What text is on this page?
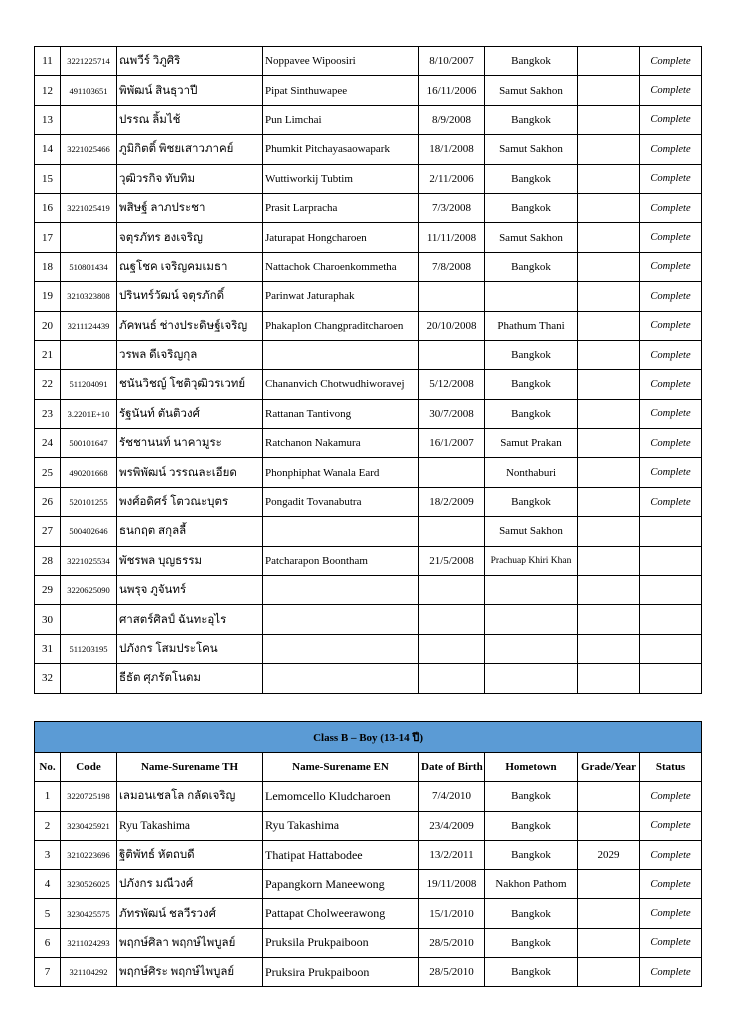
11	3221225714	ณพวีร์ วิภูศิริ	Noppavee Wipoosiri	8/10/2007	Bangkok		Complete
12	491103651	พิพัฒน์ สินธุวาปี	Pipat Sinthuwapee	16/11/2006	Samut Sakhon		Complete
13		ปรรณ ลิ้มไช้	Pun Limchai	8/9/2008	Bangkok		Complete
14	3221025466	ภูมิกิตติ์ พิชยเสาวภาคย์	Phumkit Pitchayasaowapark	18/1/2008	Samut Sakhon		Complete
15		วุฒิวรกิจ ทับทิม	Wuttiworkij Tubtim	2/11/2006	Bangkok		Complete
16	3221025419	พสิษฐ์ ลาภประชา	Prasit Larpracha	7/3/2008	Bangkok		Complete
17		จตุรภัทร ฮงเจริญ	Jaturapat Hongcharoen	11/11/2008	Samut Sakhon		Complete
18	510801434	ณฐโชค เจริญคมเมธา	Nattachok Charoenkommetha	7/8/2008	Bangkok		Complete
19	3210323808	ปรินทร์วัฒน์ จตุรภักดิ์	Parinwat Jaturaphak				Complete
20	3211124439	ภัคพนธ์ ช่างประดิษฐ์เจริญ	Phakaplon Changpraditcharoen	20/10/2008	Phathum Thani		Complete
21		วรพล ดีเจริญกุล			Bangkok		Complete
22	511204091	ชนันวิชญ์ โชติวุฒิวรเวทย์	Chananvich Chotwudhiworavej	5/12/2008	Bangkok		Complete
23	3.2201E+10	รัฐนันท์ ตันติวงศ์	Rattanan Tantivong	30/7/2008	Bangkok		Complete
24	500101647	รัชชานนท์ นาคามูระ	Ratchanon Nakamura	16/1/2007	Samut Prakan		Complete
25	490201668	พรพิพัฒน์ วรรณละเอียด	Phonphiphat Wanala Eard		Nonthaburi		Complete
26	520101255	พงศ์อดิศร์ โตวณะบุตร	Pongadit Tovanabutra	18/2/2009	Bangkok		Complete
27	500402646	ธนกฤต สกุลลี้			Samut Sakhon		
28	3221025534	พัชรพล บุญธรรม	Patcharapon Boontham	21/5/2008	Prachuap Khiri Khan		
29	3220625090	นพรุจ ภูจันทร์					
30		ศาสตร์ศิลป์ ฉันทะอุไร					
31	511203195	ปภังกร โสมประโคน					
32		ธีธัต ศุภรัตโนดม					
Class B – Boy (13-14 ปี)							
No.	Code	Name-Surename TH	Name-Surename EN	Date of Birth	Hometown	Grade/Year	Status
1	3220725198	เลมอนเชลโล กลัดเจริญ	Lemomcello Kludcharoen	7/4/2010	Bangkok		Complete
2	3230425921	Ryu Takashima	Ryu Takashima	23/4/2009	Bangkok		Complete
3	3210223696	ฐิติพัทธ์ หัตถบดี	Thatipat Hattabodee	13/2/2011	Bangkok	2029	Complete
4	3230526025	ปภังกร มณีวงศ์	Papangkorn Maneewong	19/11/2008	Nakhon Pathom		Complete
5	3230425575	ภัทรพัฒน์ ชลวีรวงศ์	Pattapat Cholweerawong	15/1/2010	Bangkok		Complete
6	3211024293	พฤกษ์ศิลา พฤกษ์ไพบูลย์	Pruksila Prukpaiboon	28/5/2010	Bangkok		Complete
7	321104292	พฤกษ์ศิระ พฤกษ์ไพบูลย์	Pruksira Prukpaiboon	28/5/2010	Bangkok		Complete
